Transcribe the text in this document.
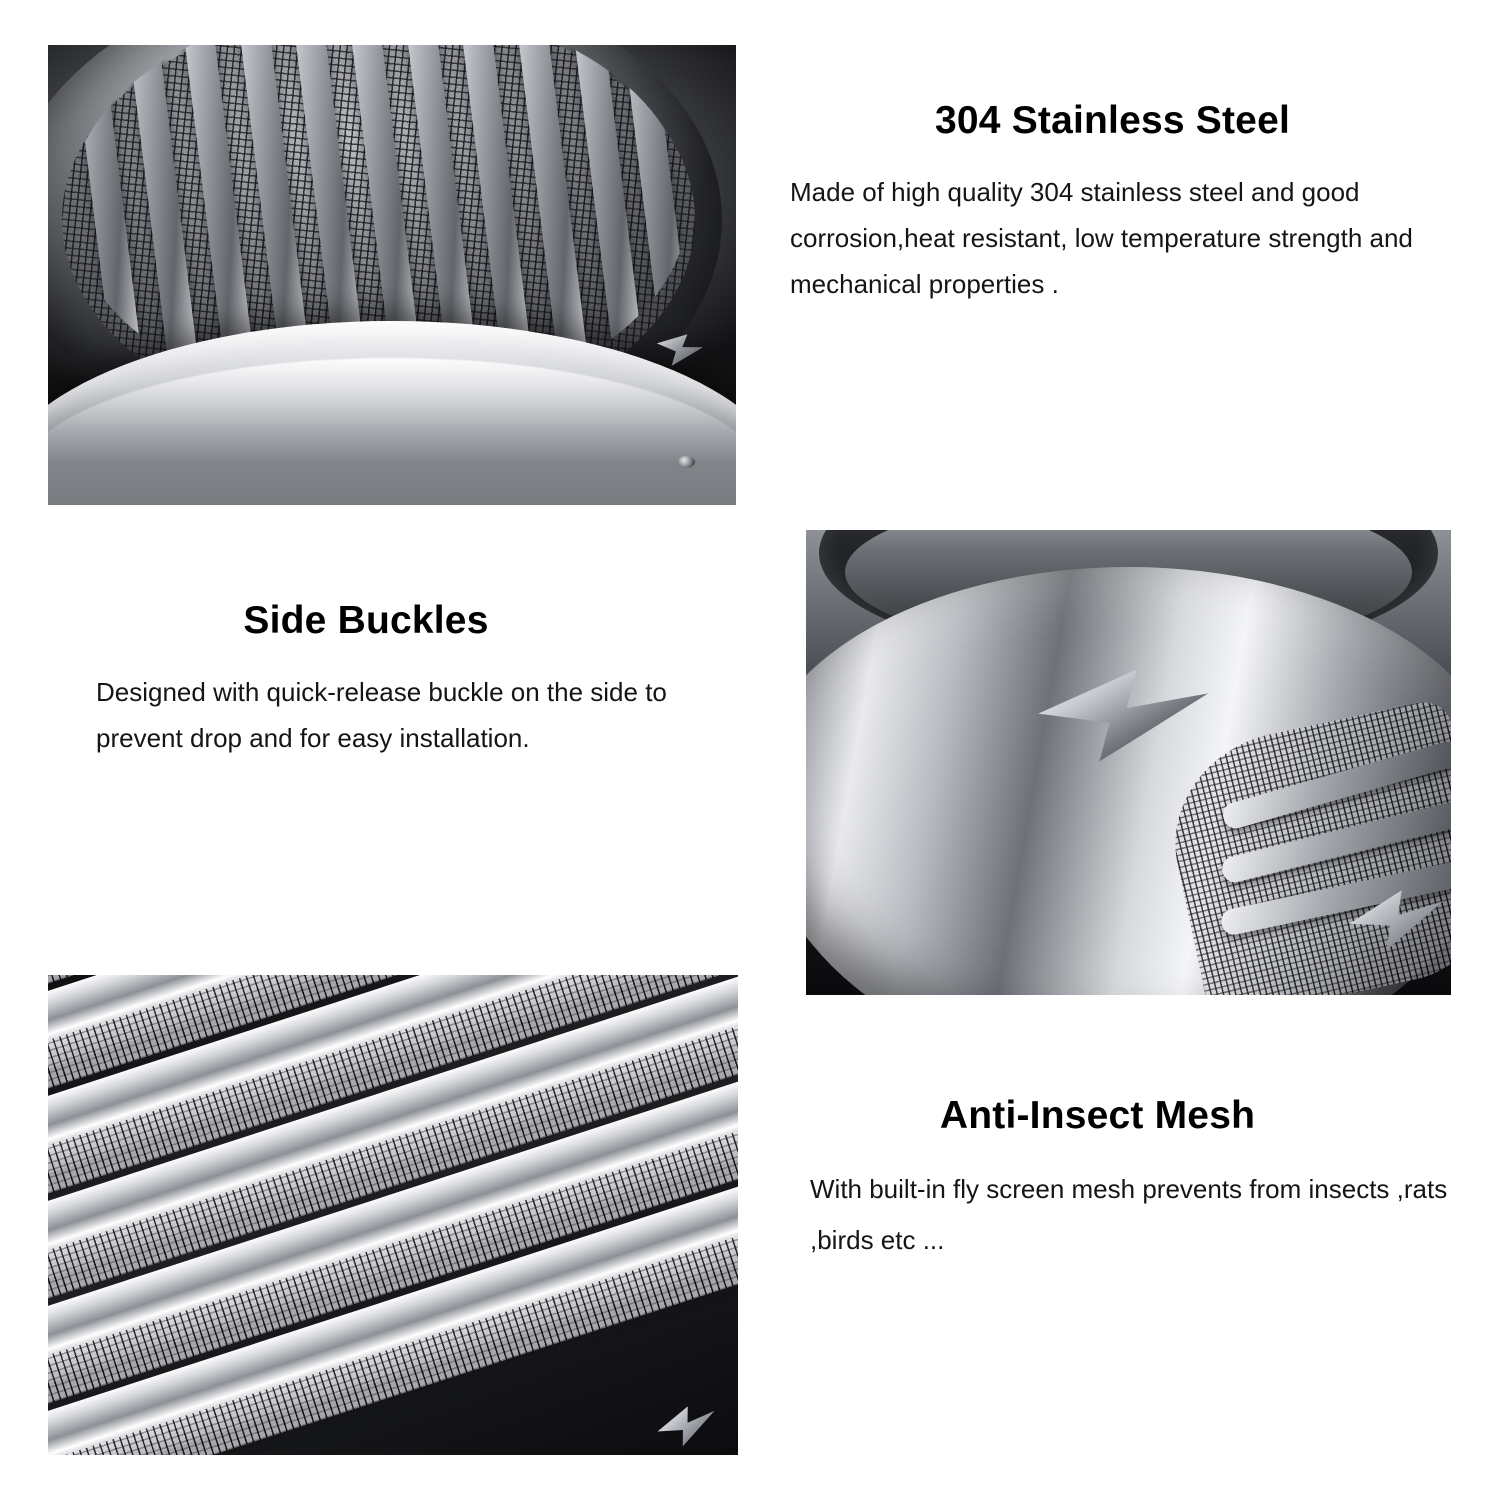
304 Stainless Steel

Made of high quality 304 stainless steel and good corrosion,heat resistant, low temperature strength and mechanical properties .

Side Buckles

Designed with quick-release buckle on the side to prevent drop and for easy installation.

Anti-Insect Mesh

With built-in fly screen mesh prevents from insects ,rats ,birds etc ...
